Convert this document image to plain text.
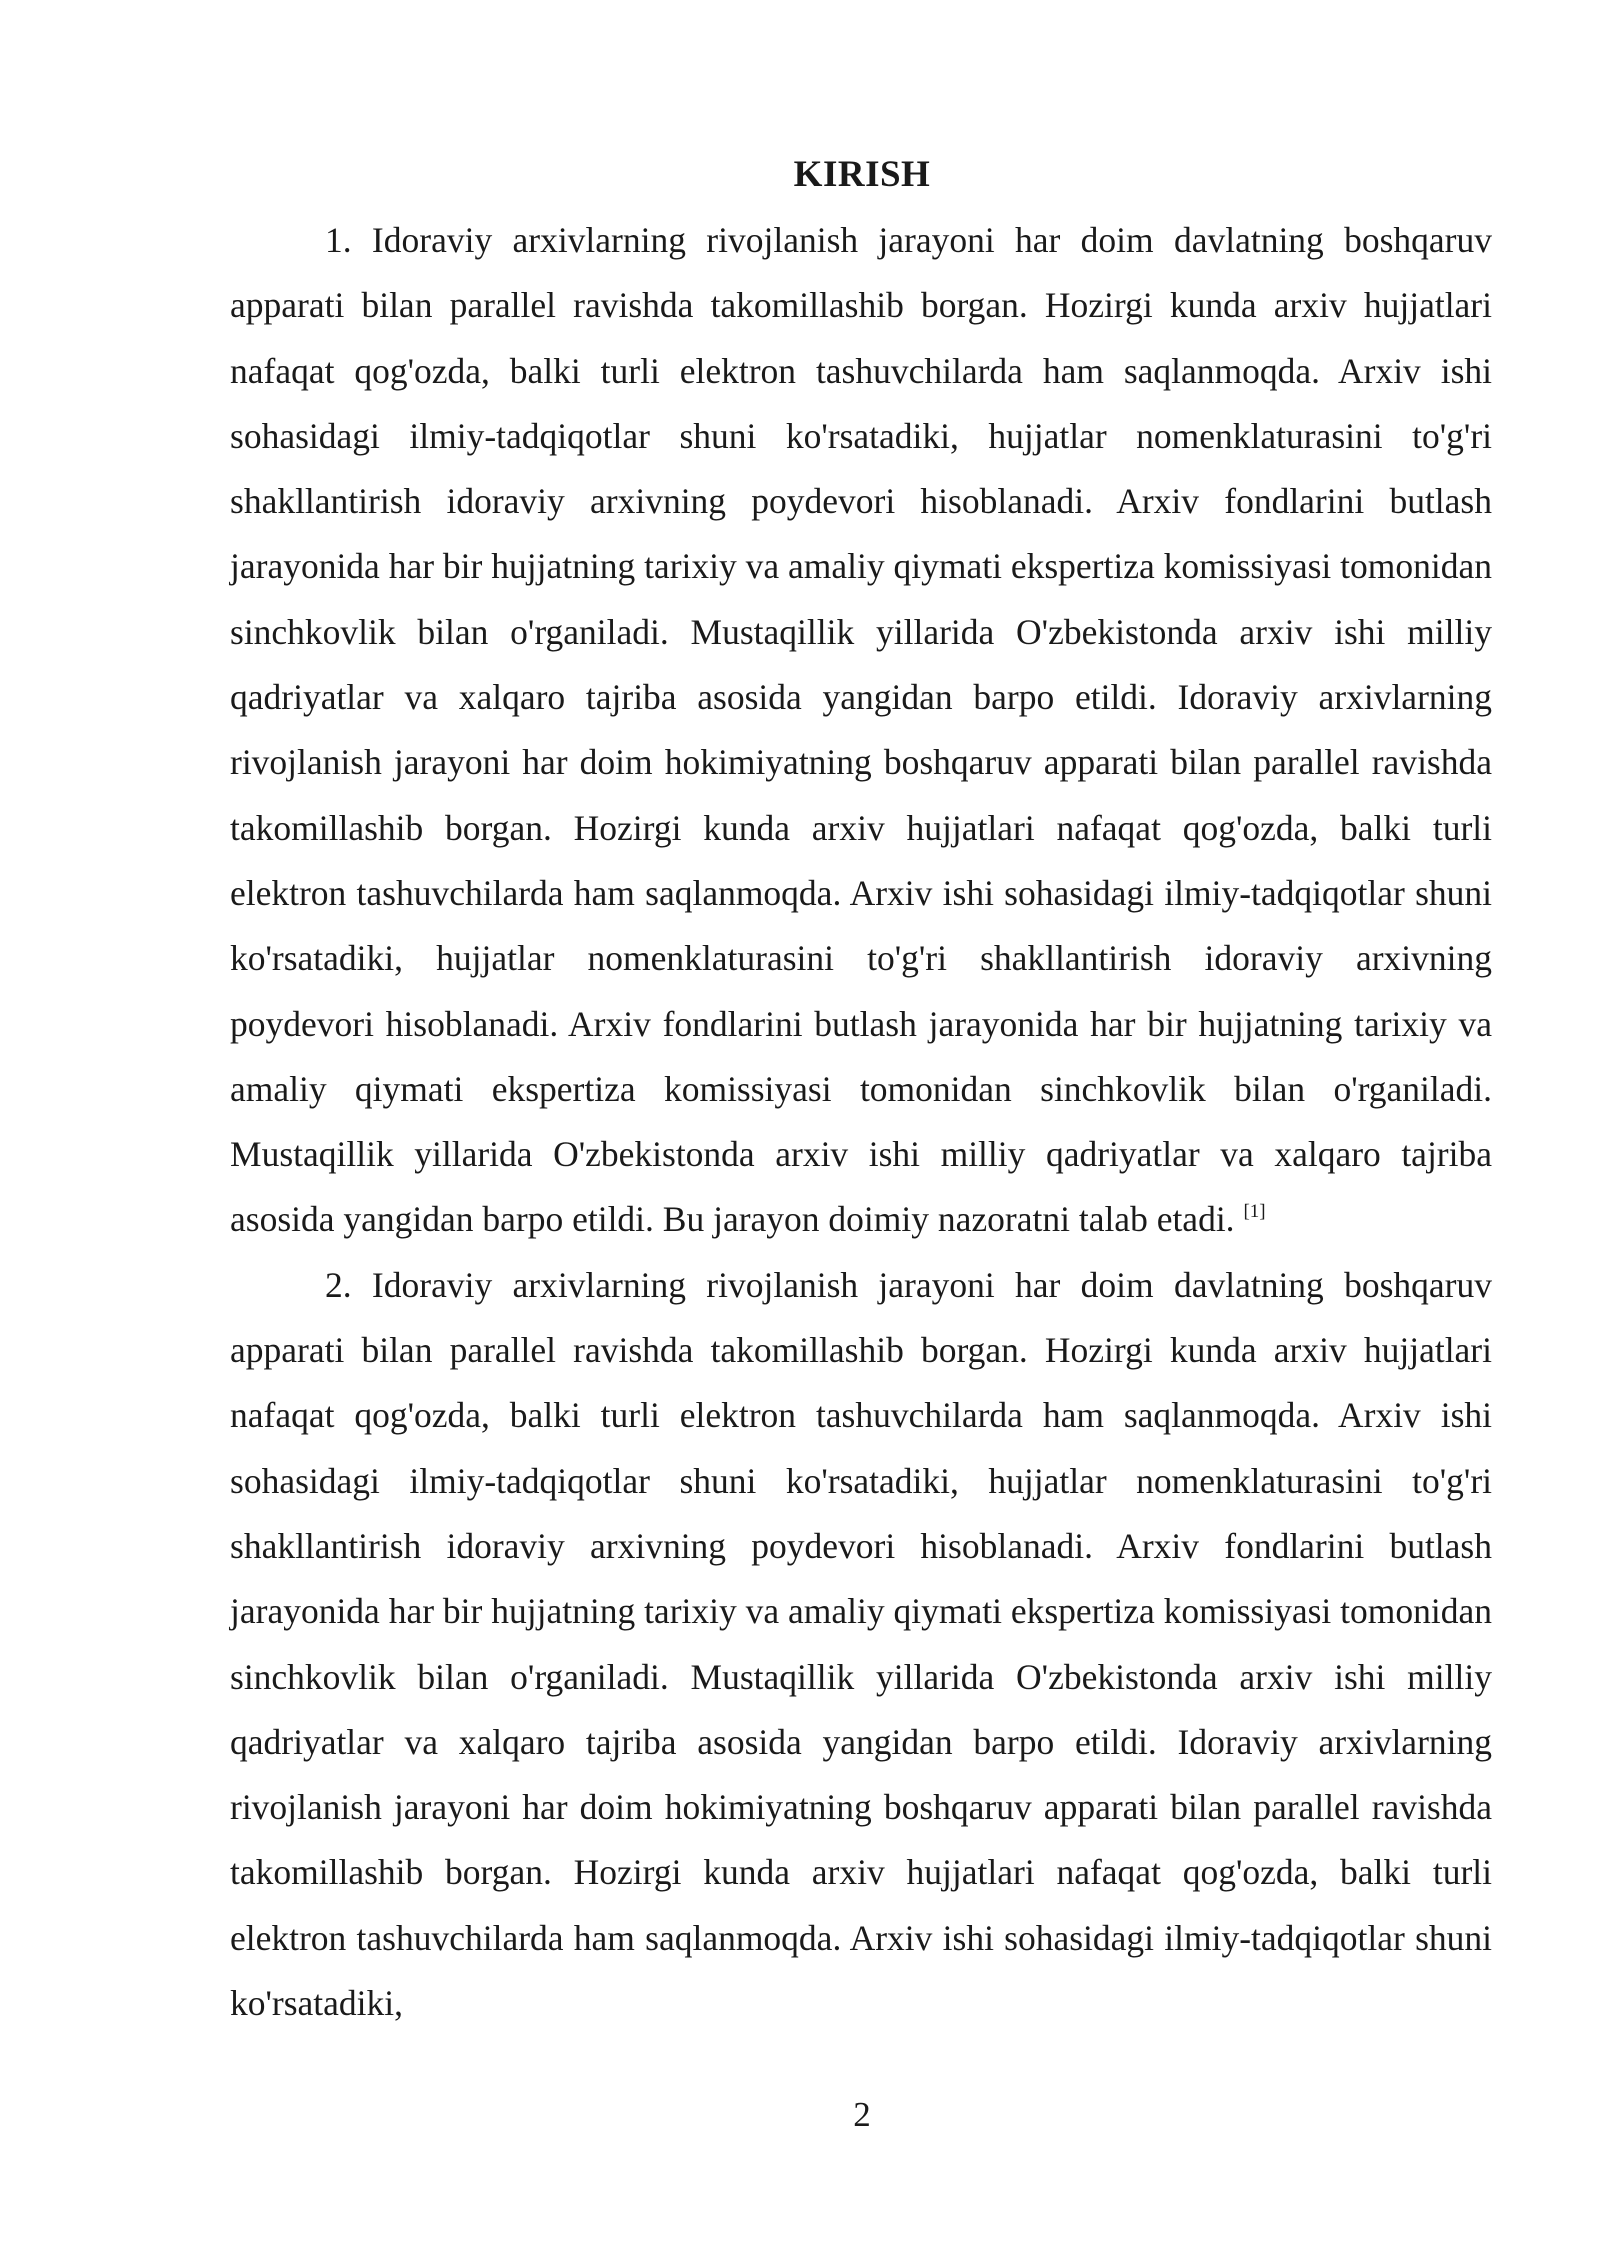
KIRISH

1. Idoraviy arxivlarning rivojlanish jarayoni har doim davlatning boshqaruv apparati bilan parallel ravishda takomillashib borgan. Hozirgi kunda arxiv hujjatlari nafaqat qog'ozda, balki turli elektron tashuvchilarda ham saqlanmoqda. Arxiv ishi sohasidagi ilmiy-tadqiqotlar shuni ko'rsatadiki, hujjatlar nomenklaturasini to'g'ri shakllantirish idoraviy arxivning poydevori hisoblanadi. Arxiv fondlarini butlash jarayonida har bir hujjatning tarixiy va amaliy qiymati ekspertiza komissiyasi tomonidan sinchkovlik bilan o'rganiladi. Mustaqillik yillarida O'zbekistonda arxiv ishi milliy qadriyatlar va xalqaro tajriba asosida yangidan barpo etildi. Idoraviy arxivlarning rivojlanish jarayoni har doim hokimiyatning boshqaruv apparati bilan parallel ravishda takomillashib borgan. Hozirgi kunda arxiv hujjatlari nafaqat qog'ozda, balki turli elektron tashuvchilarda ham saqlanmoqda. Arxiv ishi sohasidagi ilmiy-tadqiqotlar shuni ko'rsatadiki, hujjatlar nomenklaturasini to'g'ri shakllantirish idoraviy arxivning poydevori hisoblanadi. Arxiv fondlarini butlash jarayonida har bir hujjatning tarixiy va amaliy qiymati ekspertiza komissiyasi tomonidan sinchkovlik bilan o'rganiladi. Mustaqillik yillarida O'zbekistonda arxiv ishi milliy qadriyatlar va xalqaro tajriba asosida yangidan barpo etildi. Bu jarayon doimiy nazoratni talab etadi. [1]

2. Idoraviy arxivlarning rivojlanish jarayoni har doim davlatning boshqaruv apparati bilan parallel ravishda takomillashib borgan. Hozirgi kunda arxiv hujjatlari nafaqat qog'ozda, balki turli elektron tashuvchilarda ham saqlanmoqda. Arxiv ishi sohasidagi ilmiy-tadqiqotlar shuni ko'rsatadiki, hujjatlar nomenklaturasini to'g'ri shakllantirish idoraviy arxivning poydevori hisoblanadi. Arxiv fondlarini butlash jarayonida har bir hujjatning tarixiy va amaliy qiymati ekspertiza komissiyasi tomonidan sinchkovlik bilan o'rganiladi. Mustaqillik yillarida O'zbekistonda arxiv ishi milliy qadriyatlar va xalqaro tajriba asosida yangidan barpo etildi. Idoraviy arxivlarning rivojlanish jarayoni har doim hokimiyatning boshqaruv apparati bilan parallel ravishda takomillashib borgan. Hozirgi kunda arxiv hujjatlari nafaqat qog'ozda, balki turli elektron tashuvchilarda ham saqlanmoqda. Arxiv ishi sohasidagi ilmiy-tadqiqotlar shuni ko'rsatadiki,

2
